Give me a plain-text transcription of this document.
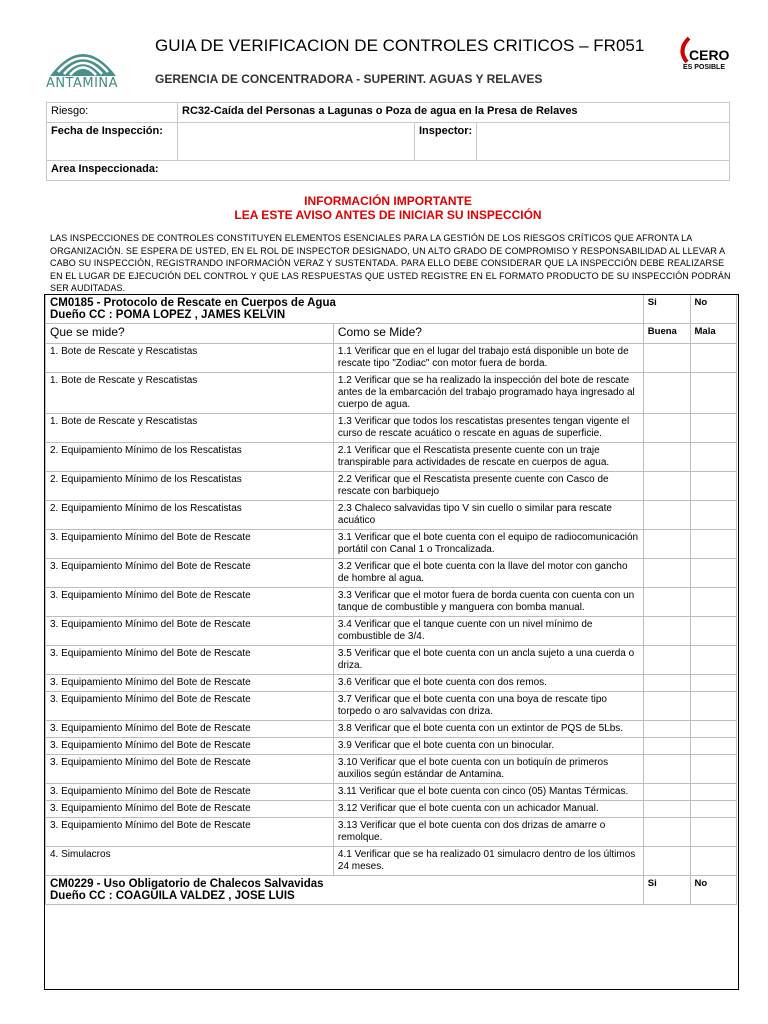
ANTAMINA
GUIA DE VERIFICACION DE CONTROLES CRITICOS – FR051
GERENCIA DE CONCENTRADORA - SUPERINT. AGUAS Y RELAVES
CERO
ES POSIBLE
Riesgo:	RC32-Caída del Personas a Lagunas o Poza de agua en la Presa de Relaves		
Fecha de Inspección:		Inspector:	
Area Inspeccionada:			
INFORMACIÓN IMPORTANTE
LEA ESTE AVISO ANTES DE INICIAR SU INSPECCIÓN
LAS INSPECCIONES DE CONTROLES CONSTITUYEN ELEMENTOS ESENCIALES PARA LA GESTIÓN DE LOS RIESGOS CRÍTICOS QUE AFRONTA LA ORGANIZACIÓN. SE ESPERA DE USTED, EN EL ROL DE INSPECTOR DESIGNADO, UN ALTO GRADO DE COMPROMISO Y RESPONSABILIDAD AL LLEVAR A CABO SU INSPECCIÓN, REGISTRANDO INFORMACIÓN VERAZ Y SUSTENTADA. PARA ELLO DEBE CONSIDERAR QUE LA INSPECCIÓN DEBE REALIZARSE EN EL LUGAR DE EJECUCIÓN DEL CONTROL Y QUE LAS RESPUESTAS QUE USTED REGISTRE EN EL FORMATO PRODUCTO DE SU INSPECCIÓN PODRÁN SER AUDITADAS.
CM0185 - Protocolo de Rescate en Cuerpos de Agua
Dueño CC : POMA LOPEZ , JAMES KELVIN		Si	No
Que se mide?	Como se Mide?	Buena	Mala
1. Bote de Rescate y Rescatistas	1.1 Verificar que en el lugar del trabajo está disponible un bote de rescate tipo "Zodiac" con motor fuera de borda.		
1. Bote de Rescate y Rescatistas	1.2 Verificar que se ha realizado la inspección del bote de rescate antes de la embarcación del trabajo programado haya ingresado al cuerpo de agua.		
1. Bote de Rescate y Rescatistas	1.3 Verificar que todos los rescatistas presentes tengan vigente el curso de rescate acuático o rescate en aguas de superficie.		
2. Equipamiento Mínimo de los Rescatistas	2.1 Verificar que el Rescatista presente cuente con un traje transpirable para actividades de rescate en cuerpos de agua.		
2. Equipamiento Mínimo de los Rescatistas	2.2 Verificar que el Rescatista presente cuente con Casco de rescate con barbiquejo		
2. Equipamiento Mínimo de los Rescatistas	2.3 Chaleco salvavidas tipo V sin cuello o similar para rescate acuático		
3. Equipamiento Mínimo del Bote de Rescate	3.1 Verificar que el bote cuenta con el equipo de radiocomunicación portátil con Canal 1 o Troncalizada.		
3. Equipamiento Mínimo del Bote de Rescate	3.2 Verificar que el bote cuenta con la llave del motor con gancho de hombre al agua.		
3. Equipamiento Mínimo del Bote de Rescate	3.3 Verificar que el motor fuera de borda cuenta con cuenta con un tanque de combustible y manguera con bomba manual.		
3. Equipamiento Mínimo del Bote de Rescate	3.4 Verificar que el tanque cuente con un nivel mínimo de combustible de 3/4.		
3. Equipamiento Mínimo del Bote de Rescate	3.5 Verificar que el bote cuenta con un ancla sujeto a una cuerda o driza.		
3. Equipamiento Mínimo del Bote de Rescate	3.6 Verificar que el bote cuenta con dos remos.		
3. Equipamiento Mínimo del Bote de Rescate	3.7 Verificar que el bote cuenta con una boya de rescate tipo torpedo o aro salvavidas con driza.		
3. Equipamiento Mínimo del Bote de Rescate	3.8 Verificar que el bote cuenta con un extintor de PQS de 5Lbs.		
3. Equipamiento Mínimo del Bote de Rescate	3.9 Verificar que el bote cuenta con un binocular.		
3. Equipamiento Mínimo del Bote de Rescate	3.10 Verificar que el bote cuenta con un botiquín de primeros auxilios según estándar de Antamina.		
3. Equipamiento Mínimo del Bote de Rescate	3.11 Verificar que el bote cuenta con cinco (05) Mantas Térmicas.		
3. Equipamiento Mínimo del Bote de Rescate	3.12 Verificar que el bote cuenta con un achicador Manual.		
3. Equipamiento Mínimo del Bote de Rescate	3.13 Verificar que el bote cuenta con dos drizas de amarre o remolque.		
4. Simulacros	4.1 Verificar que se ha realizado 01 simulacro dentro de los últimos 24 meses.		

CM0229 - Uso Obligatorio de Chalecos Salvavidas
Dueño CC : COAGUILA VALDEZ , JOSE LUIS		Si	No
